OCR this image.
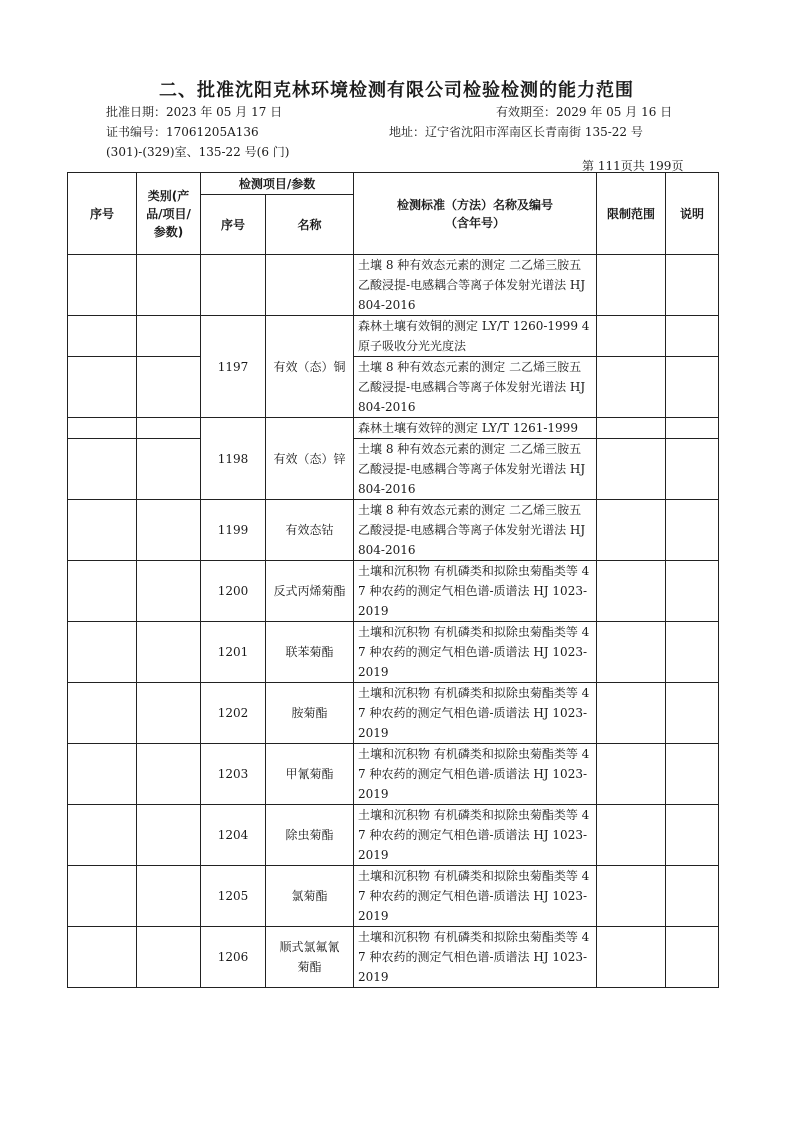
二、批准沈阳克林环境检测有限公司检验检测的能力范围
批准日期：2023 年 05 月 17 日	有效期至：2029 年 05 月 16 日
证书编号：17061205A136	地址：辽宁省沈阳市浑南区长青南街 135-22 号
(301)-(329)室、135-22 号(6 门)
第 111页共 199页
序号	类别(产品/项目/参数)	检测项目/参数		检测标准（方法）名称及编号（含年号）	限制范围	说明
		序号	名称			
				土壤 8 种有效态元素的测定 二乙烯三胺五乙酸浸提-电感耦合等离子体发射光谱法 HJ 804-2016		
		1197	有效（态）铜	森林土壤有效铜的测定 LY/T 1260-1999 4 原子吸收分光光度法		
				土壤 8 种有效态元素的测定 二乙烯三胺五乙酸浸提-电感耦合等离子体发射光谱法 HJ 804-2016		
		1198	有效（态）锌	森林土壤有效锌的测定 LY/T 1261-1999		
				土壤 8 种有效态元素的测定 二乙烯三胺五乙酸浸提-电感耦合等离子体发射光谱法 HJ 804-2016		
		1199	有效态钴	土壤 8 种有效态元素的测定 二乙烯三胺五乙酸浸提-电感耦合等离子体发射光谱法 HJ 804-2016		
		1200	反式丙烯菊酯	土壤和沉积物 有机磷类和拟除虫菊酯类等 47 种农药的测定气相色谱-质谱法 HJ 1023-2019		
		1201	联苯菊酯	土壤和沉积物 有机磷类和拟除虫菊酯类等 47 种农药的测定气相色谱-质谱法 HJ 1023-2019		
		1202	胺菊酯	土壤和沉积物 有机磷类和拟除虫菊酯类等 47 种农药的测定气相色谱-质谱法 HJ 1023-2019		
		1203	甲氰菊酯	土壤和沉积物 有机磷类和拟除虫菊酯类等 47 种农药的测定气相色谱-质谱法 HJ 1023-2019		
		1204	除虫菊酯	土壤和沉积物 有机磷类和拟除虫菊酯类等 47 种农药的测定气相色谱-质谱法 HJ 1023-2019		
		1205	氯菊酯	土壤和沉积物 有机磷类和拟除虫菊酯类等 47 种农药的测定气相色谱-质谱法 HJ 1023-2019		
		1206	顺式氯氟氰菊酯	土壤和沉积物 有机磷类和拟除虫菊酯类等 47 种农药的测定气相色谱-质谱法 HJ 1023-2019		
